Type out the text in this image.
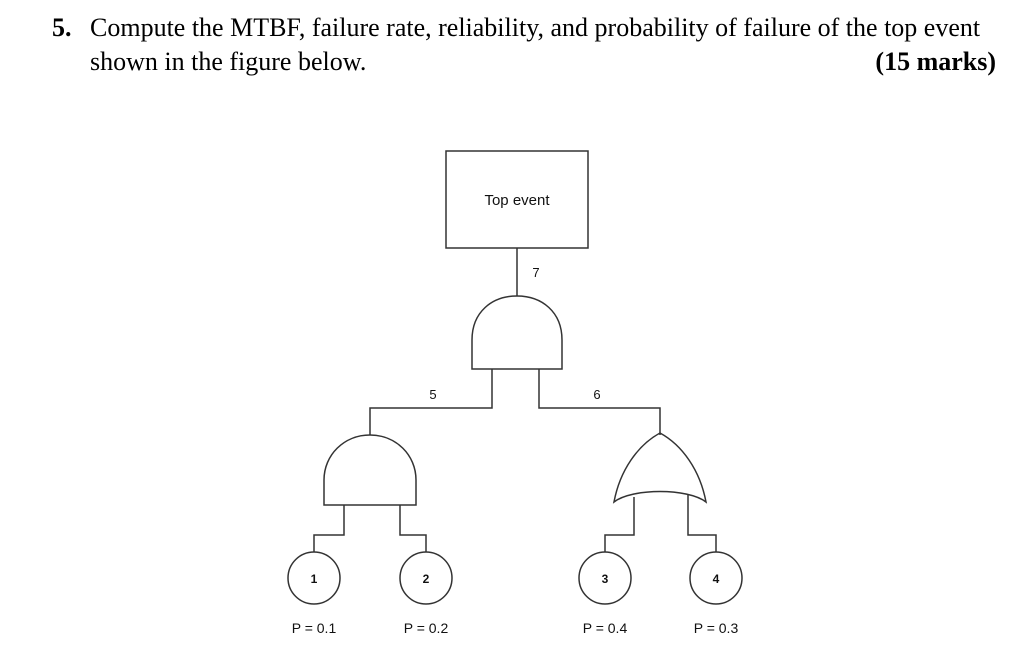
5. Compute the MTBF, failure rate, reliability, and probability of failure of the top event
shown in the figure below.	(15 marks)
Top event
7
5	6
1	2	3	4
P = 0.1	P = 0.2	P = 0.4	P = 0.3
